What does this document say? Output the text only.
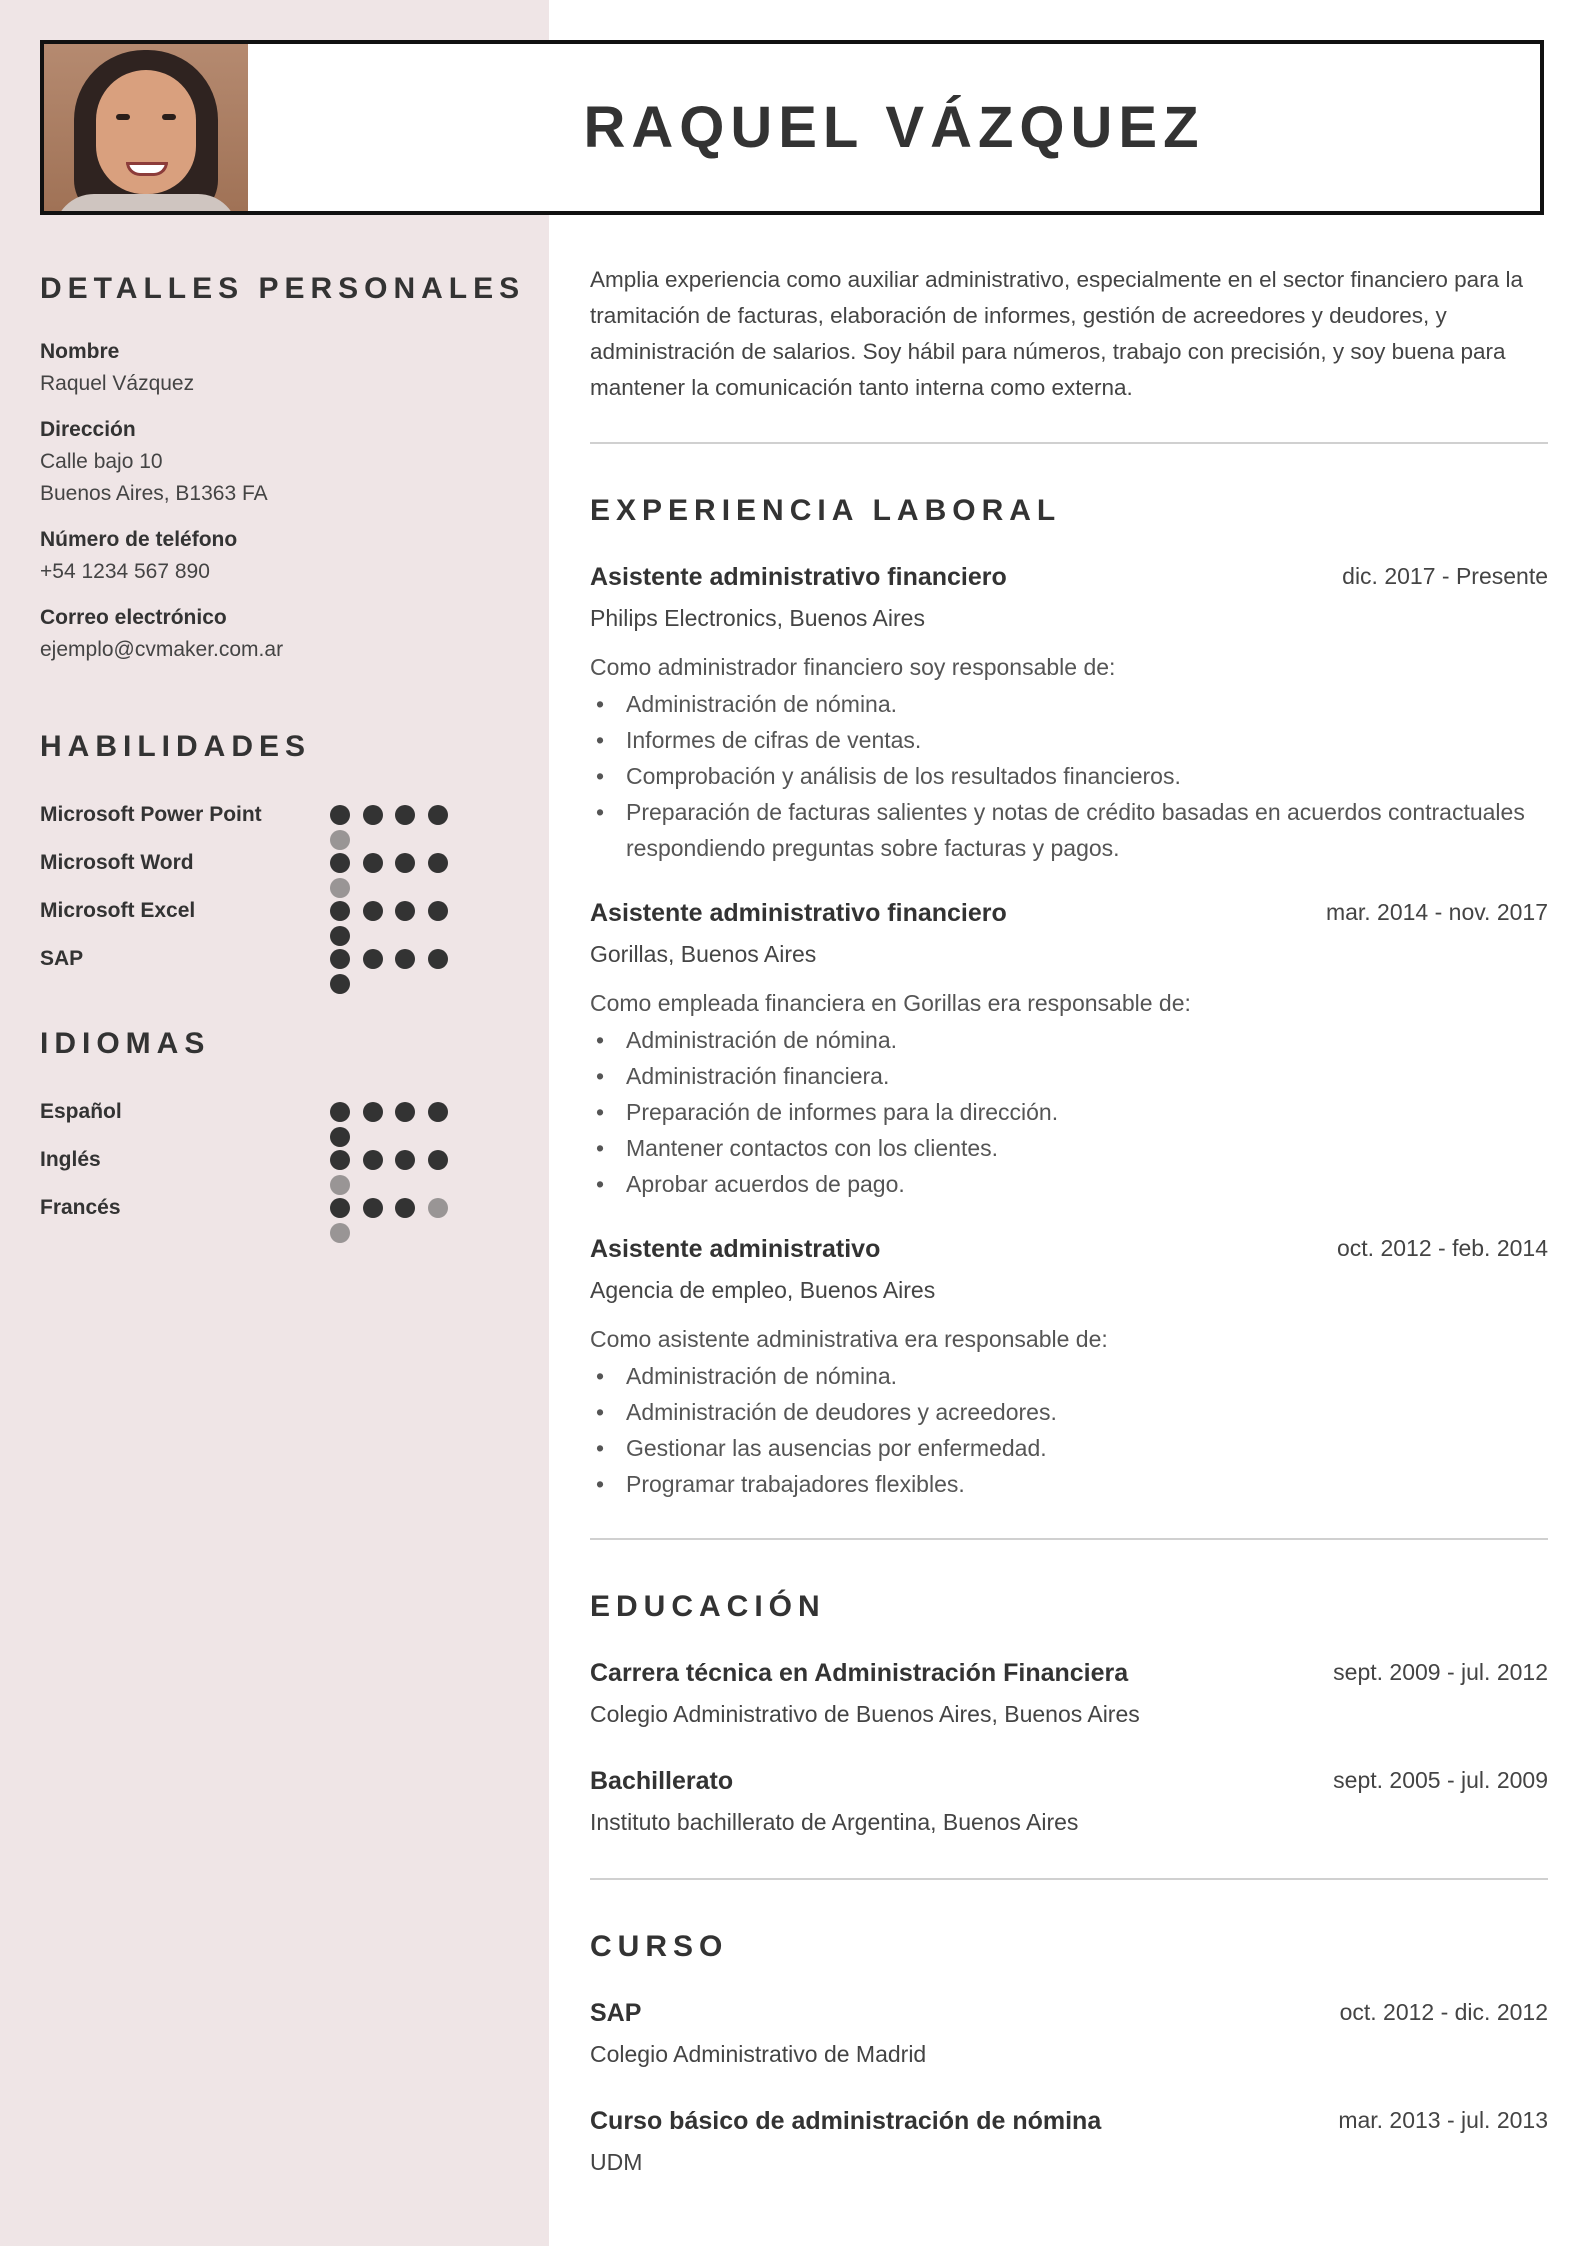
RAQUEL VÁZQUEZ
DETALLES PERSONALES
Nombre
Raquel Vázquez
Dirección
Calle bajo 10
Buenos Aires, B1363 FA
Número de teléfono
+54 1234 567 890
Correo electrónico
ejemplo@cvmaker.com.ar
HABILIDADES
Microsoft Power Point
Microsoft Word
Microsoft Excel
SAP
IDIOMAS
Español
Inglés
Francés
Amplia experiencia como auxiliar administrativo, especialmente en el sector financiero para la tramitación de facturas, elaboración de informes, gestión de acreedores y deudores, y administración de salarios. Soy hábil para números, trabajo con precisión, y soy buena para mantener la comunicación tanto interna como externa.
EXPERIENCIA LABORAL
Asistente administrativo financiero	dic. 2017 - Presente
Philips Electronics, Buenos Aires
Como administrador financiero soy responsable de:
• Administración de nómina.
• Informes de cifras de ventas.
• Comprobación y análisis de los resultados financieros.
• Preparación de facturas salientes y notas de crédito basadas en acuerdos contractuales respondiendo preguntas sobre facturas y pagos.
Asistente administrativo financiero	mar. 2014 - nov. 2017
Gorillas, Buenos Aires
Como empleada financiera en Gorillas era responsable de:
• Administración de nómina.
• Administración financiera.
• Preparación de informes para la dirección.
• Mantener contactos con los clientes.
• Aprobar acuerdos de pago.
Asistente administrativo	oct. 2012 - feb. 2014
Agencia de empleo, Buenos Aires
Como asistente administrativa era responsable de:
• Administración de nómina.
• Administración de deudores y acreedores.
• Gestionar las ausencias por enfermedad.
• Programar trabajadores flexibles.
EDUCACIÓN
Carrera técnica en Administración Financiera	sept. 2009 - jul. 2012
Colegio Administrativo de Buenos Aires, Buenos Aires
Bachillerato	sept. 2005 - jul. 2009
Instituto bachillerato de Argentina, Buenos Aires
CURSO
SAP	oct. 2012 - dic. 2012
Colegio Administrativo de Madrid
Curso básico de administración de nómina	mar. 2013 - jul. 2013
UDM
